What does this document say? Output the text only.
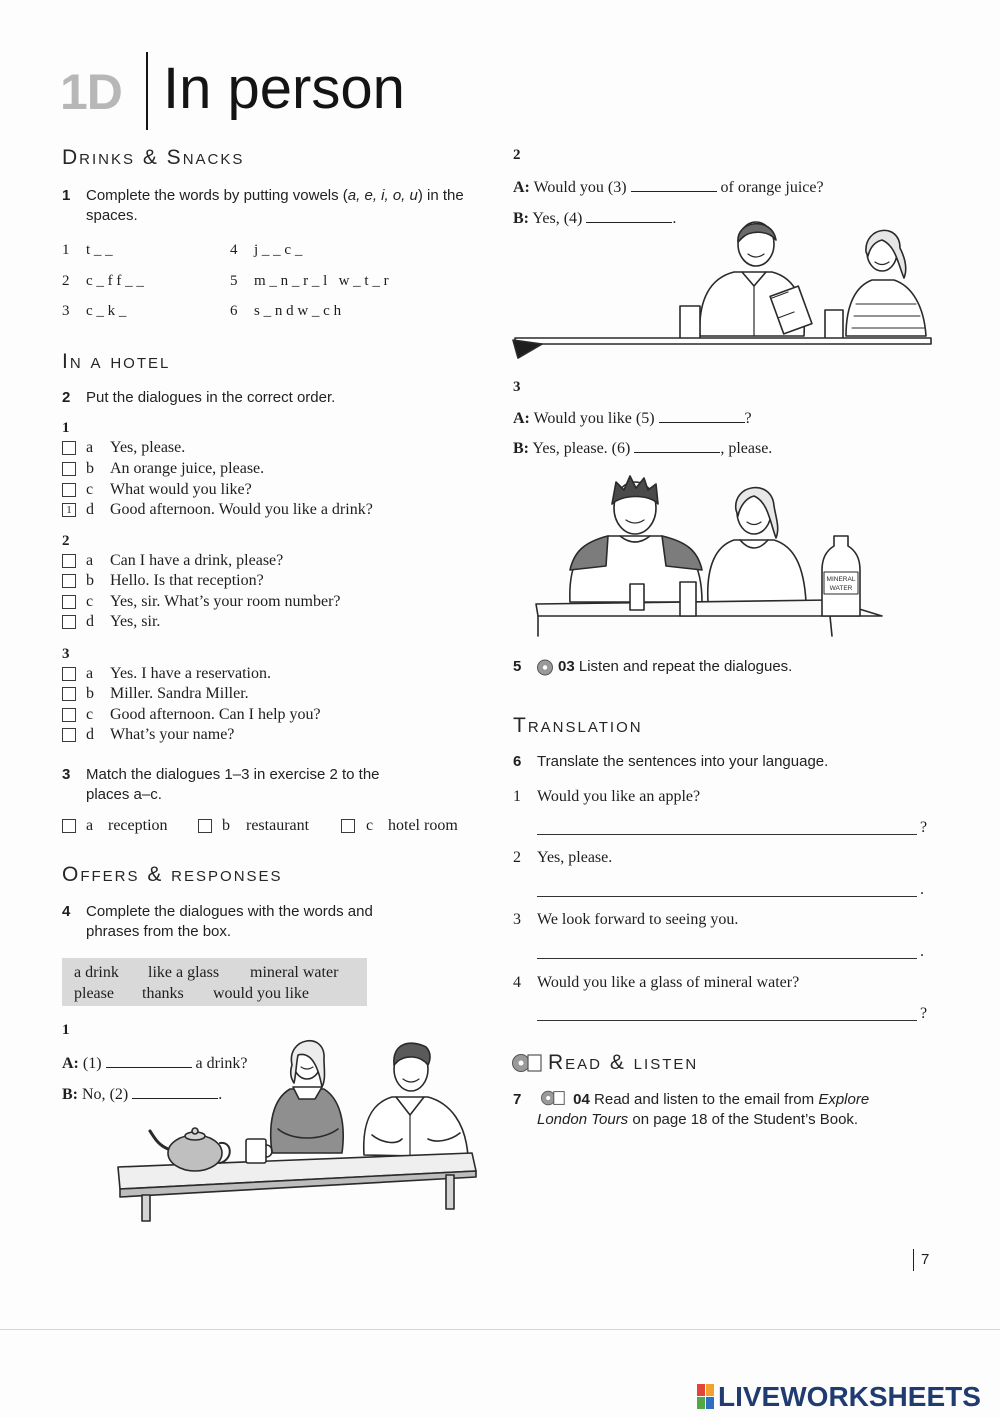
1D In person
Drinks & Snacks
1 Complete the words by putting vowels (a, e, i, o, u) in the spaces.
1 t _ _
2 c _ f f _ _
3 c _ k _
4 j _ _ c _
5 m _ n _ r _ l   w _ t _ r
6 s _ n d w _ c h
In a hotel
2 Put the dialogues in the correct order.
1
a Yes, please.
b An orange juice, please.
c What would you like?
1 d Good afternoon. Would you like a drink?
2
a Can I have a drink, please?
b Hello. Is that reception?
c Yes, sir. What’s your room number?
d Yes, sir.
3
a Yes. I have a reservation.
b Miller. Sandra Miller.
c Good afternoon. Can I help you?
d What’s your name?
3 Match the dialogues 1–3 in exercise 2 to the places a–c.
a reception	b restaurant	c hotel room
Offers & responses
4 Complete the dialogues with the words and phrases from the box.
a drink like a glass mineral water
please thanks would you like
1
A: (1)	a drink?
B: No, (2)	.
2
A: Would you (3)	of orange juice?
B: Yes, (4)	.
3
A: Would you like (5)	?
B: Yes, please. (6)	, please.
MINERAL
WATER
5 03 Listen and repeat the dialogues.
Translation
6 Translate the sentences into your language.
1 Would you like an apple?
?
2 Yes, please.
.
3 We look forward to seeing you.
.
4 Would you like a glass of mineral water?
?
Read & listen
7	04 Read and listen to the email from Explore London Tours on page 18 of the Student’s Book.
7
LIVEWORKSHEETS
